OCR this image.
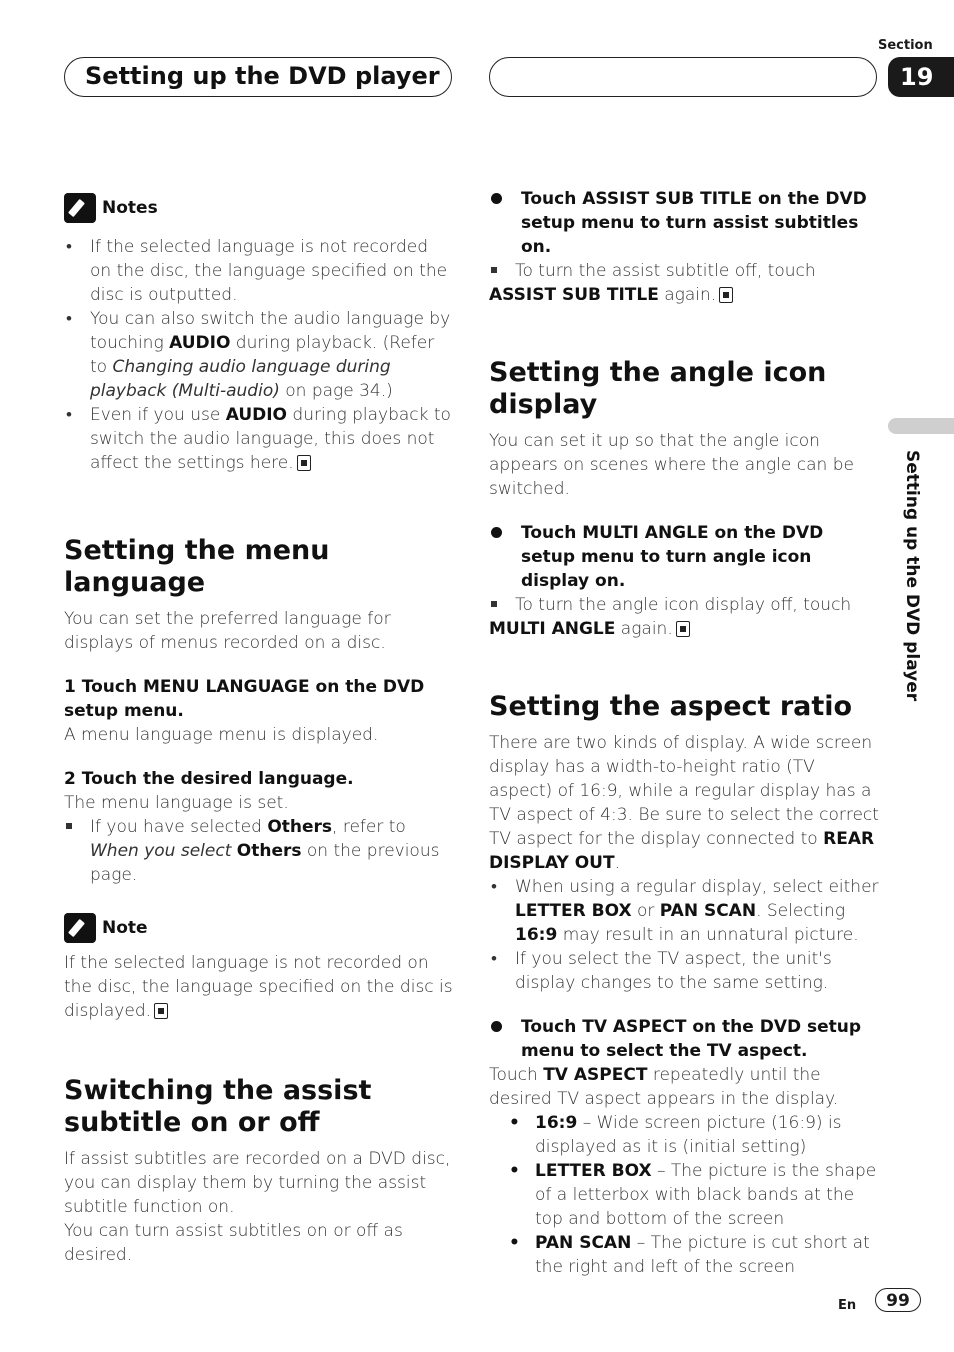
Setting up the DVD player
Section
19
Setting up the DVD player
Notes
• If the selected language is not recorded on the disc, the language specified on the disc is outputted.
• You can also switch the audio language by touching AUDIO during playback. (Refer to Changing audio language during playback (Multi-audio) on page 34.)
• Even if you use AUDIO during playback to switch the audio language, this does not affect the settings here.
Setting the menu language
You can set the preferred language for displays of menus recorded on a disc.
1 Touch MENU LANGUAGE on the DVD setup menu.
A menu language menu is displayed.
2 Touch the desired language.
The menu language is set.
If you have selected Others, refer to When you select Others on the previous page.
Note
If the selected language is not recorded on the disc, the language specified on the disc is displayed.
Switching the assist subtitle on or off
If assist subtitles are recorded on a DVD disc, you can display them by turning the assist subtitle function on.
You can turn assist subtitles on or off as desired.
Touch ASSIST SUB TITLE on the DVD setup menu to turn assist subtitles on.
To turn the assist subtitle off, touch
ASSIST SUB TITLE again.
Setting the angle icon display
You can set it up so that the angle icon appears on scenes where the angle can be switched.
Touch MULTI ANGLE on the DVD setup menu to turn angle icon display on.
To turn the angle icon display off, touch
MULTI ANGLE again.
Setting the aspect ratio
There are two kinds of display. A wide screen display has a width-to-height ratio (TV aspect) of 16:9, while a regular display has a TV aspect of 4:3. Be sure to select the correct TV aspect for the display connected to REAR DISPLAY OUT.
• When using a regular display, select either LETTER BOX or PAN SCAN. Selecting 16:9 may result in an unnatural picture.
• If you select the TV aspect, the unit's display changes to the same setting.
Touch TV ASPECT on the DVD setup menu to select the TV aspect.
Touch TV ASPECT repeatedly until the desired TV aspect appears in the display.
• 16:9 – Wide screen picture (16:9) is displayed as it is (initial setting)
• LETTER BOX – The picture is the shape of a letterbox with black bands at the top and bottom of the screen
• PAN SCAN – The picture is cut short at the right and left of the screen
En	99
